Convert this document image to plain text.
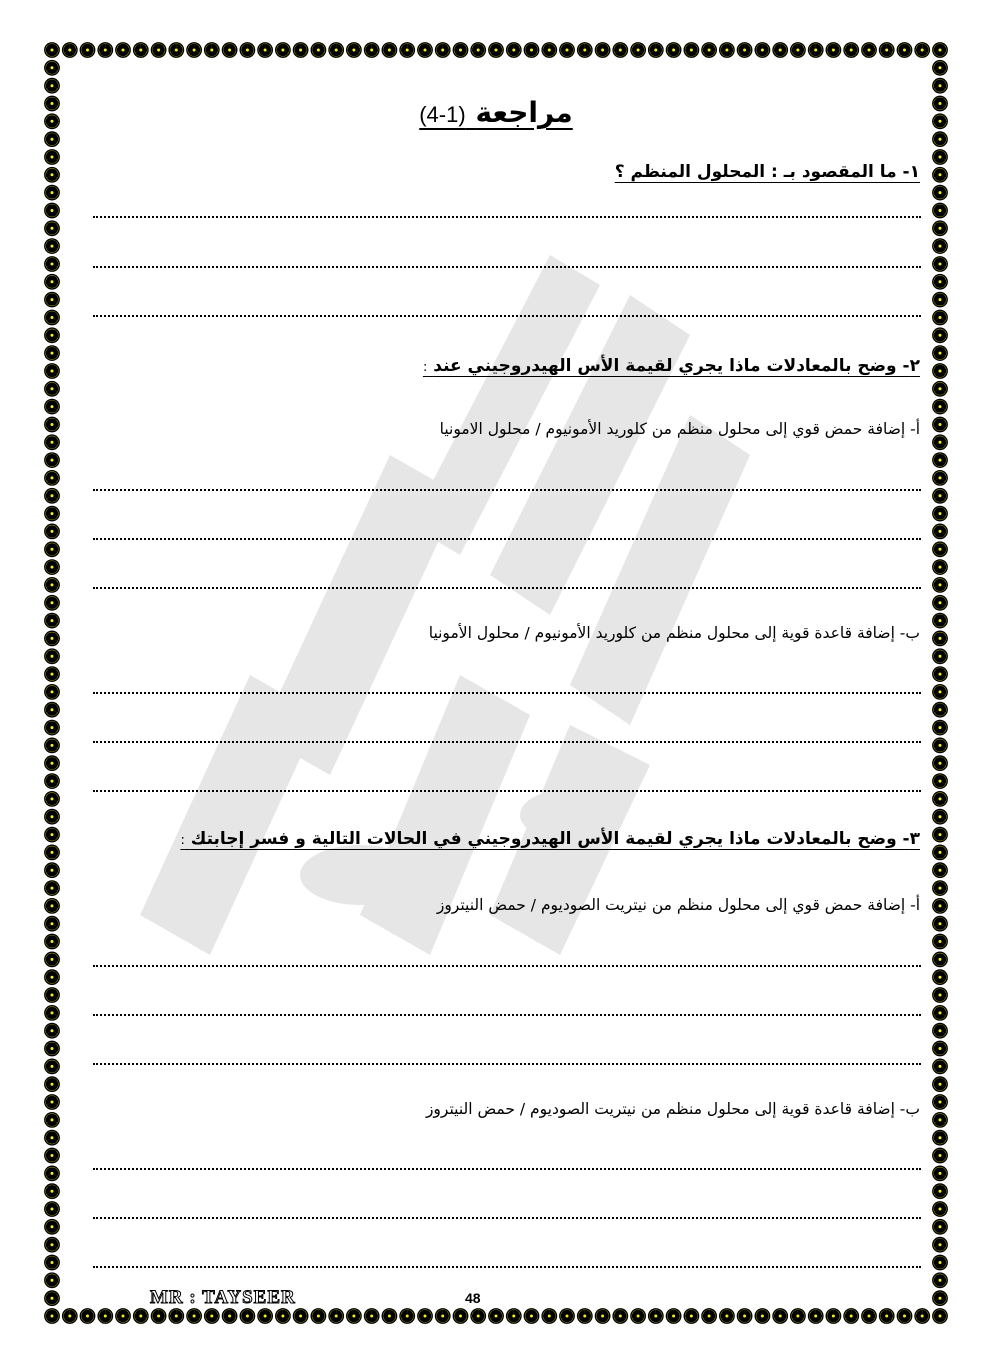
مراجعة (4-1)
١- ما المقصود بـ : المحلول المنظم ؟
٢- وضح بالمعادلات ماذا يجري لقيمة الأس الهيدروجيني عند :
أ- إضافة حمض قوي إلى محلول منظم من كلوريد الأمونيوم / محلول الامونيا
ب- إضافة قاعدة قوية إلى محلول منظم من كلوريد الأمونيوم / محلول الأمونيا
٣- وضح بالمعادلات ماذا يجري لقيمة الأس الهيدروجيني في الحالات التالية و فسر إجابتك :
أ- إضافة حمض قوي إلى محلول منظم من نيتريت الصوديوم / حمض النيتروز
ب- إضافة قاعدة قوية إلى محلول منظم من نيتريت الصوديوم / حمض النيتروز
MR : TAYSEER	48
